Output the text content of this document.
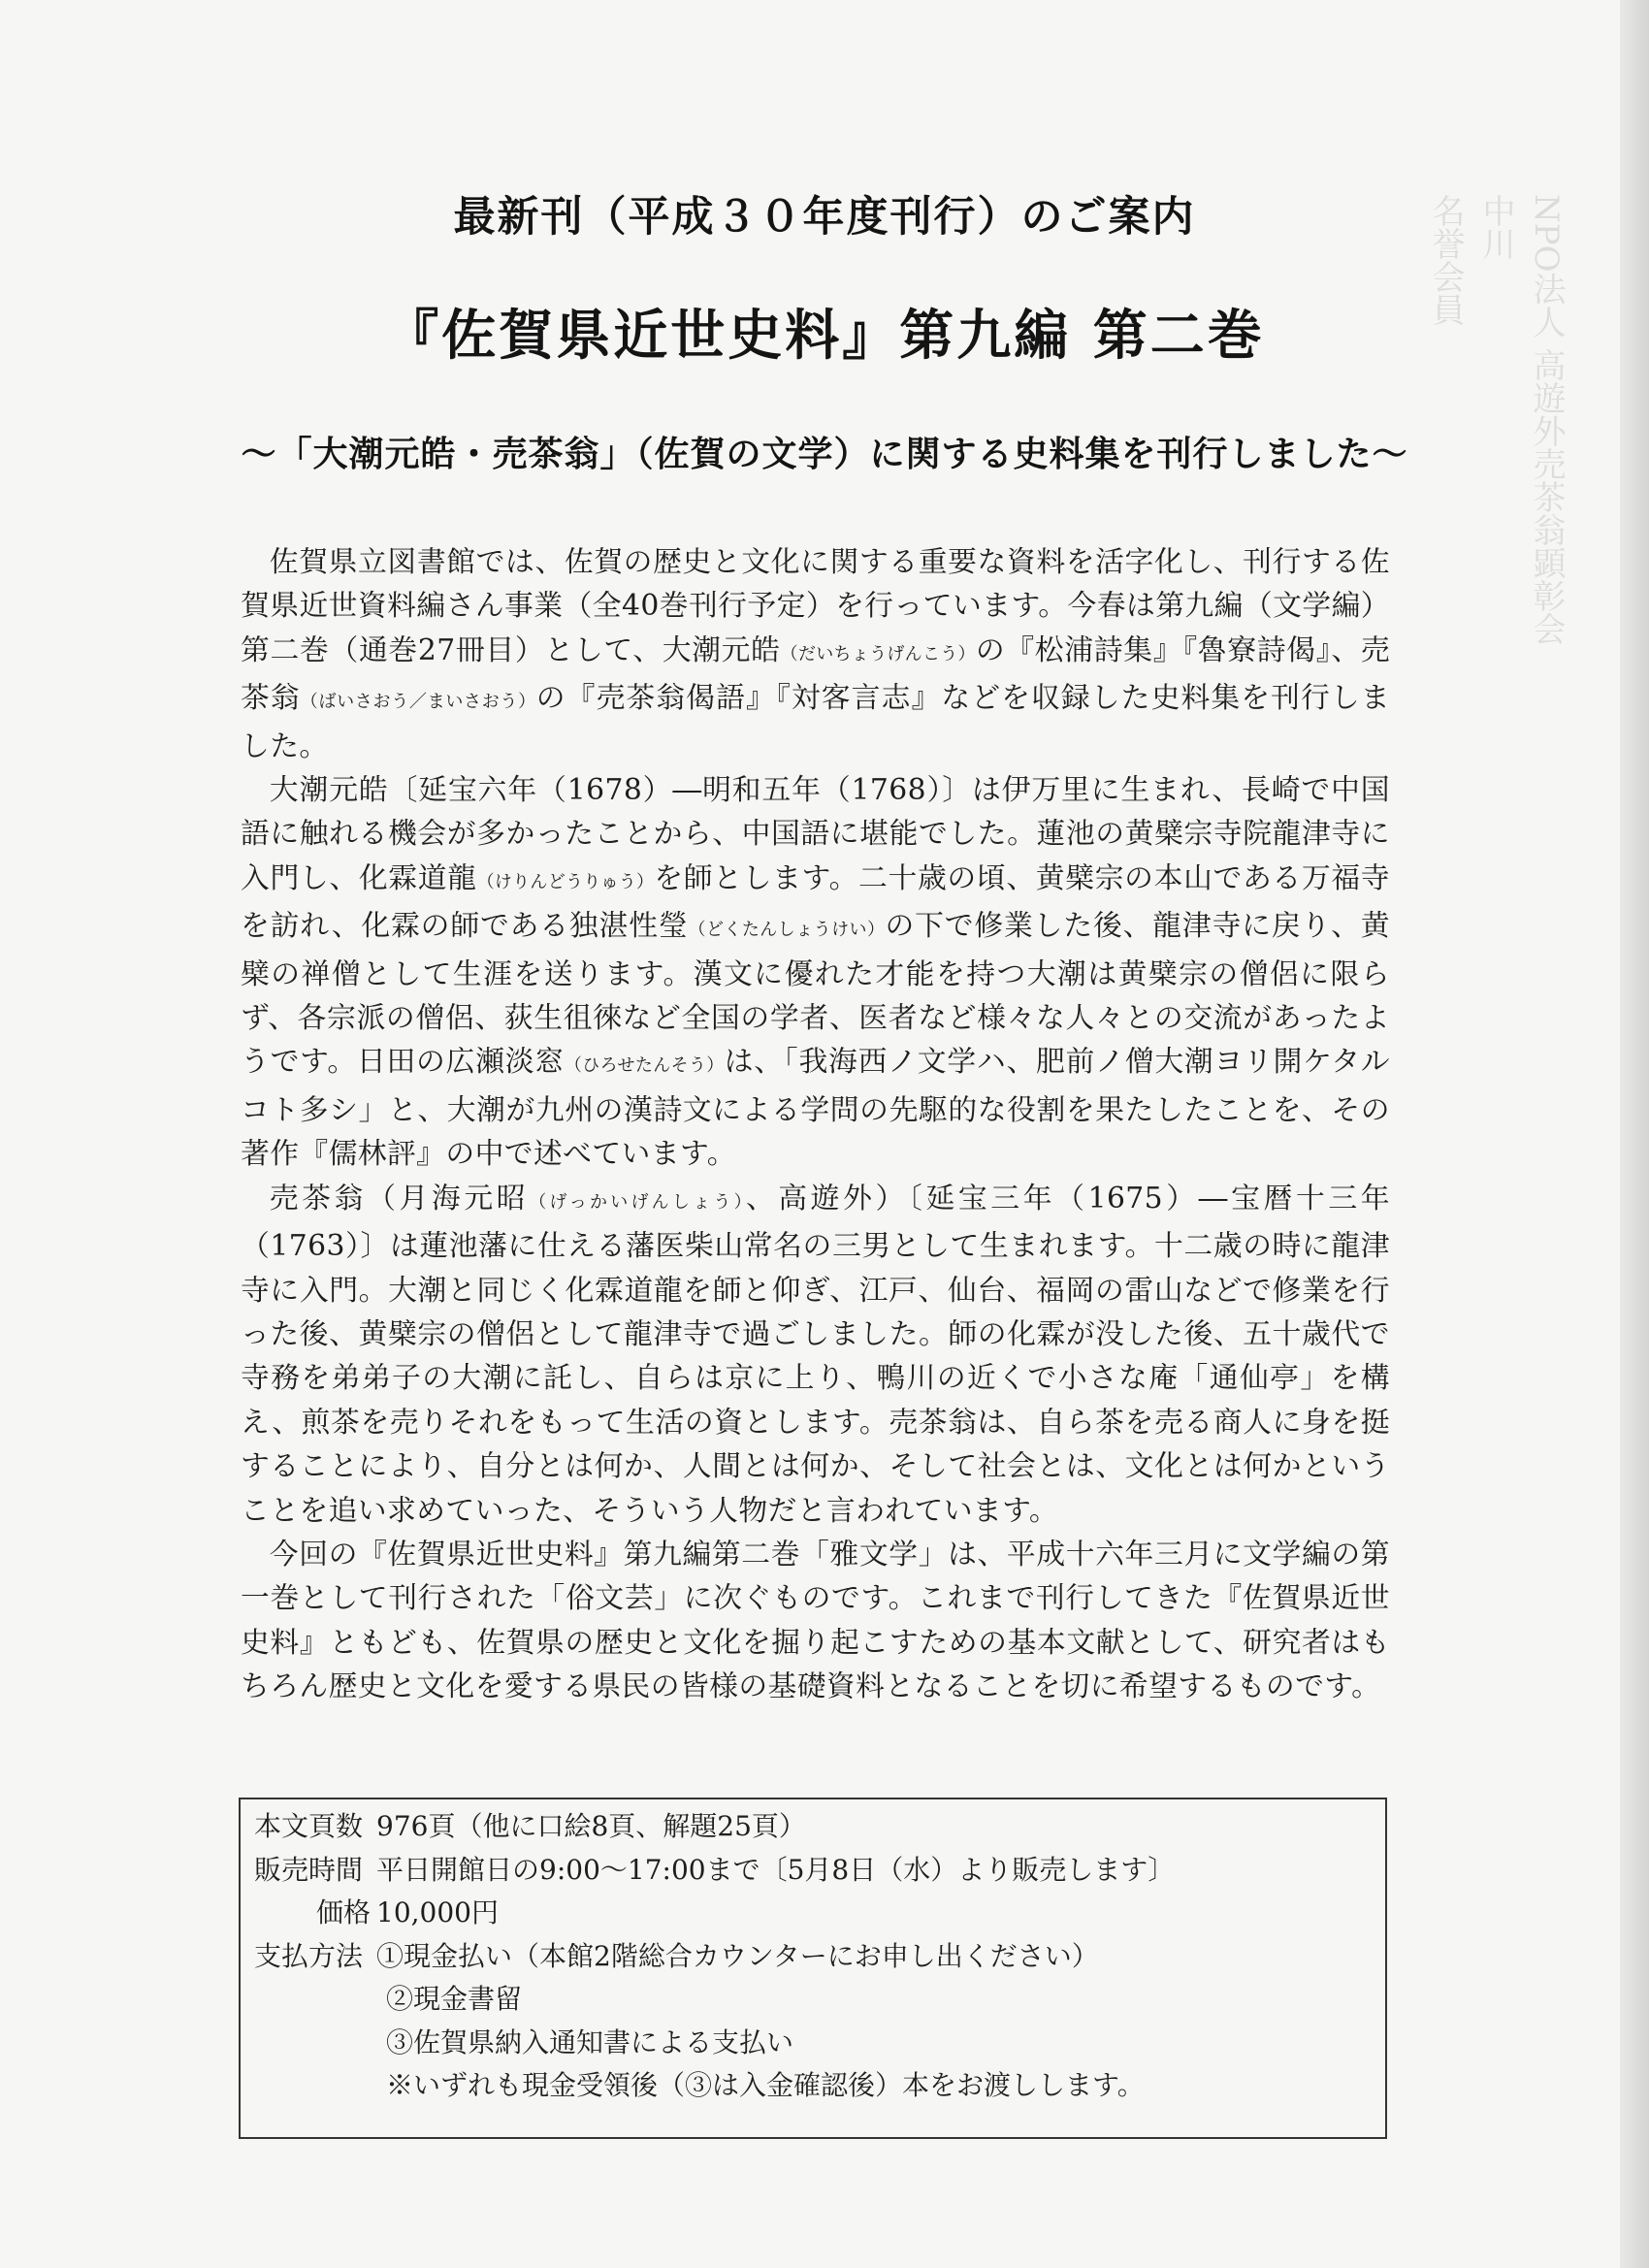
NPO法人 高遊外売茶翁顕彰会
中川
名誉会員
最新刊（平成３０年度刊行）のご案内
『佐賀県近世史料』第九編 第二巻
～「大潮元皓・売茶翁」（佐賀の文学）に関する史料集を刊行しました～

佐賀県立図書館では、佐賀の歴史と文化に関する重要な資料を活字化し、刊行する佐賀県近世資料編さん事業（全40巻刊行予定）を行っています。今春は第九編（文学編）第二巻（通巻27冊目）として、大潮元皓（だいちょうげんこう）の『松浦詩集』『魯寮詩偈』、売茶翁（ばいさおう／まいさおう）の『売茶翁偈語』『対客言志』などを収録した史料集を刊行しました。

大潮元皓〔延宝六年（1678）―明和五年（1768）〕は伊万里に生まれ、長崎で中国語に触れる機会が多かったことから、中国語に堪能でした。蓮池の黄檗宗寺院龍津寺に入門し、化霖道龍（けりんどうりゅう）を師とします。二十歳の頃、黄檗宗の本山である万福寺を訪れ、化霖の師である独湛性瑩（どくたんしょうけい）の下で修業した後、龍津寺に戻り、黄檗の禅僧として生涯を送ります。漢文に優れた才能を持つ大潮は黄檗宗の僧侶に限らず、各宗派の僧侶、荻生徂徠など全国の学者、医者など様々な人々との交流があったようです。日田の広瀬淡窓（ひろせたんそう）は、「我海西ノ文学ハ、肥前ノ僧大潮ヨリ開ケタルコト多シ」と、大潮が九州の漢詩文による学問の先駆的な役割を果たしたことを、その著作『儒林評』の中で述べています。

売茶翁（月海元昭（げっかいげんしょう）、高遊外）〔延宝三年（1675）―宝暦十三年（1763）〕は蓮池藩に仕える藩医柴山常名の三男として生まれます。十二歳の時に龍津寺に入門。大潮と同じく化霖道龍を師と仰ぎ、江戸、仙台、福岡の雷山などで修業を行った後、黄檗宗の僧侶として龍津寺で過ごしました。師の化霖が没した後、五十歳代で寺務を弟弟子の大潮に託し、自らは京に上り、鴨川の近くで小さな庵「通仙亭」を構え、煎茶を売りそれをもって生活の資とします。売茶翁は、自ら茶を売る商人に身を挺することにより、自分とは何か、人間とは何か、そして社会とは、文化とは何かということを追い求めていった、そういう人物だと言われています。

今回の『佐賀県近世史料』第九編第二巻「雅文学」は、平成十六年三月に文学編の第一巻として刊行された「俗文芸」に次ぐものです。これまで刊行してきた『佐賀県近世史料』ともども、佐賀県の歴史と文化を掘り起こすための基本文献として、研究者はもちろん歴史と文化を愛する県民の皆様の基礎資料となることを切に希望するものです。

本文頁数 976頁（他に口絵8頁、解題25頁）
販売時間 平日開館日の9:00～17:00まで〔5月8日（水）より販売します〕
価格 10,000円
支払方法 ①現金払い（本館2階総合カウンターにお申し出ください）
②現金書留
③佐賀県納入通知書による支払い
※いずれも現金受領後（③は入金確認後）本をお渡しします。
